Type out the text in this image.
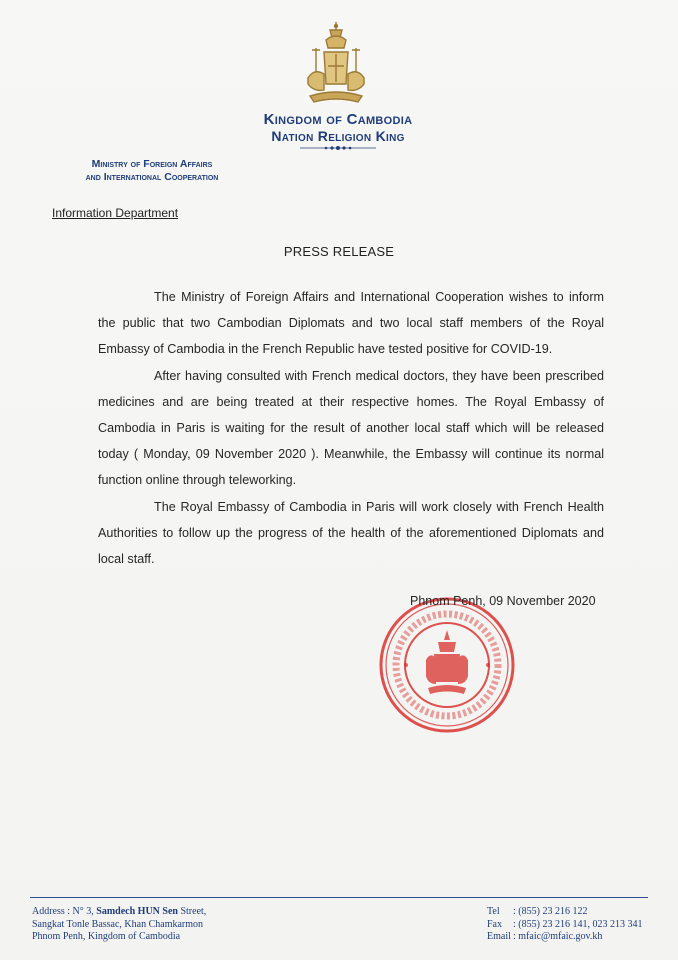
Kingdom of Cambodia
Nation Religion King
Ministry of Foreign Affairs
and International Cooperation
Information Department
PRESS RELEASE

The Ministry of Foreign Affairs and International Cooperation wishes to inform the public that two Cambodian Diplomats and two local staff members of the Royal Embassy of Cambodia in the French Republic have tested positive for COVID-19.

After having consulted with French medical doctors, they have been prescribed medicines and are being treated at their respective homes. The Royal Embassy of Cambodia in Paris is waiting for the result of another local staff which will be released today ( Monday, 09 November 2020 ). Meanwhile, the Embassy will continue its normal function online through teleworking.

The Royal Embassy of Cambodia in Paris will work closely with French Health Authorities to follow up the progress of the health of the aforementioned Diplomats and local staff.

Phnom Penh, 09 November 2020
Address : N° 3, Samdech HUN Sen Street,
Sangkat Tonle Bassac, Khan Chamkarmon
Phnom Penh, Kingdom of Cambodia
Tel	: (855) 23 216 122
Fax	: (855) 23 216 141, 023 213 341
Email : mfaic@mfaic.gov.kh
